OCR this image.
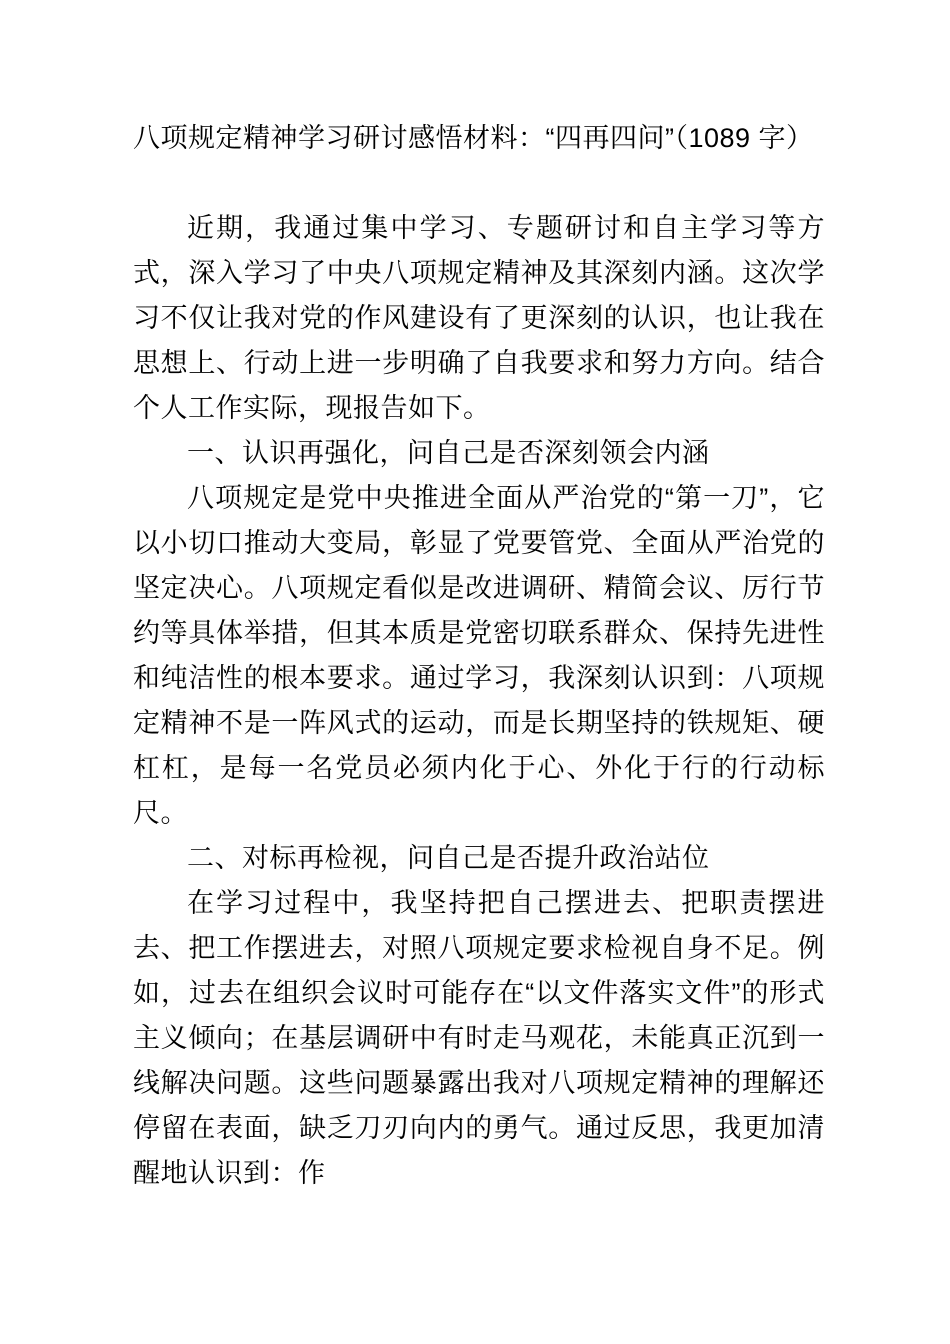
八项规定精神学习研讨感悟材料：“四再四问”（1089 字）

近期，我通过集中学习、专题研讨和自主学习等方式，深入学习了中央八项规定精神及其深刻内涵。这次学习不仅让我对党的作风建设有了更深刻的认识，也让我在思想上、行动上进一步明确了自我要求和努力方向。结合个人工作实际，现报告如下。

一、认识再强化，问自己是否深刻领会内涵

八项规定是党中央推进全面从严治党的“第一刀”，它以小切口推动大变局，彰显了党要管党、全面从严治党的坚定决心。八项规定看似是改进调研、精简会议、厉行节约等具体举措，但其本质是党密切联系群众、保持先进性和纯洁性的根本要求。通过学习，我深刻认识到：八项规定精神不是一阵风式的运动，而是长期坚持的铁规矩、硬杠杠，是每一名党员必须内化于心、外化于行的行动标尺。

二、对标再检视，问自己是否提升政治站位

在学习过程中，我坚持把自己摆进去、把职责摆进去、把工作摆进去，对照八项规定要求检视自身不足。例如，过去在组织会议时可能存在“以文件落实文件”的形式主义倾向；在基层调研中有时走马观花，未能真正沉到一线解决问题。这些问题暴露出我对八项规定精神的理解还停留在表面，缺乏刀刃向内的勇气。通过反思，我更加清醒地认识到：作
